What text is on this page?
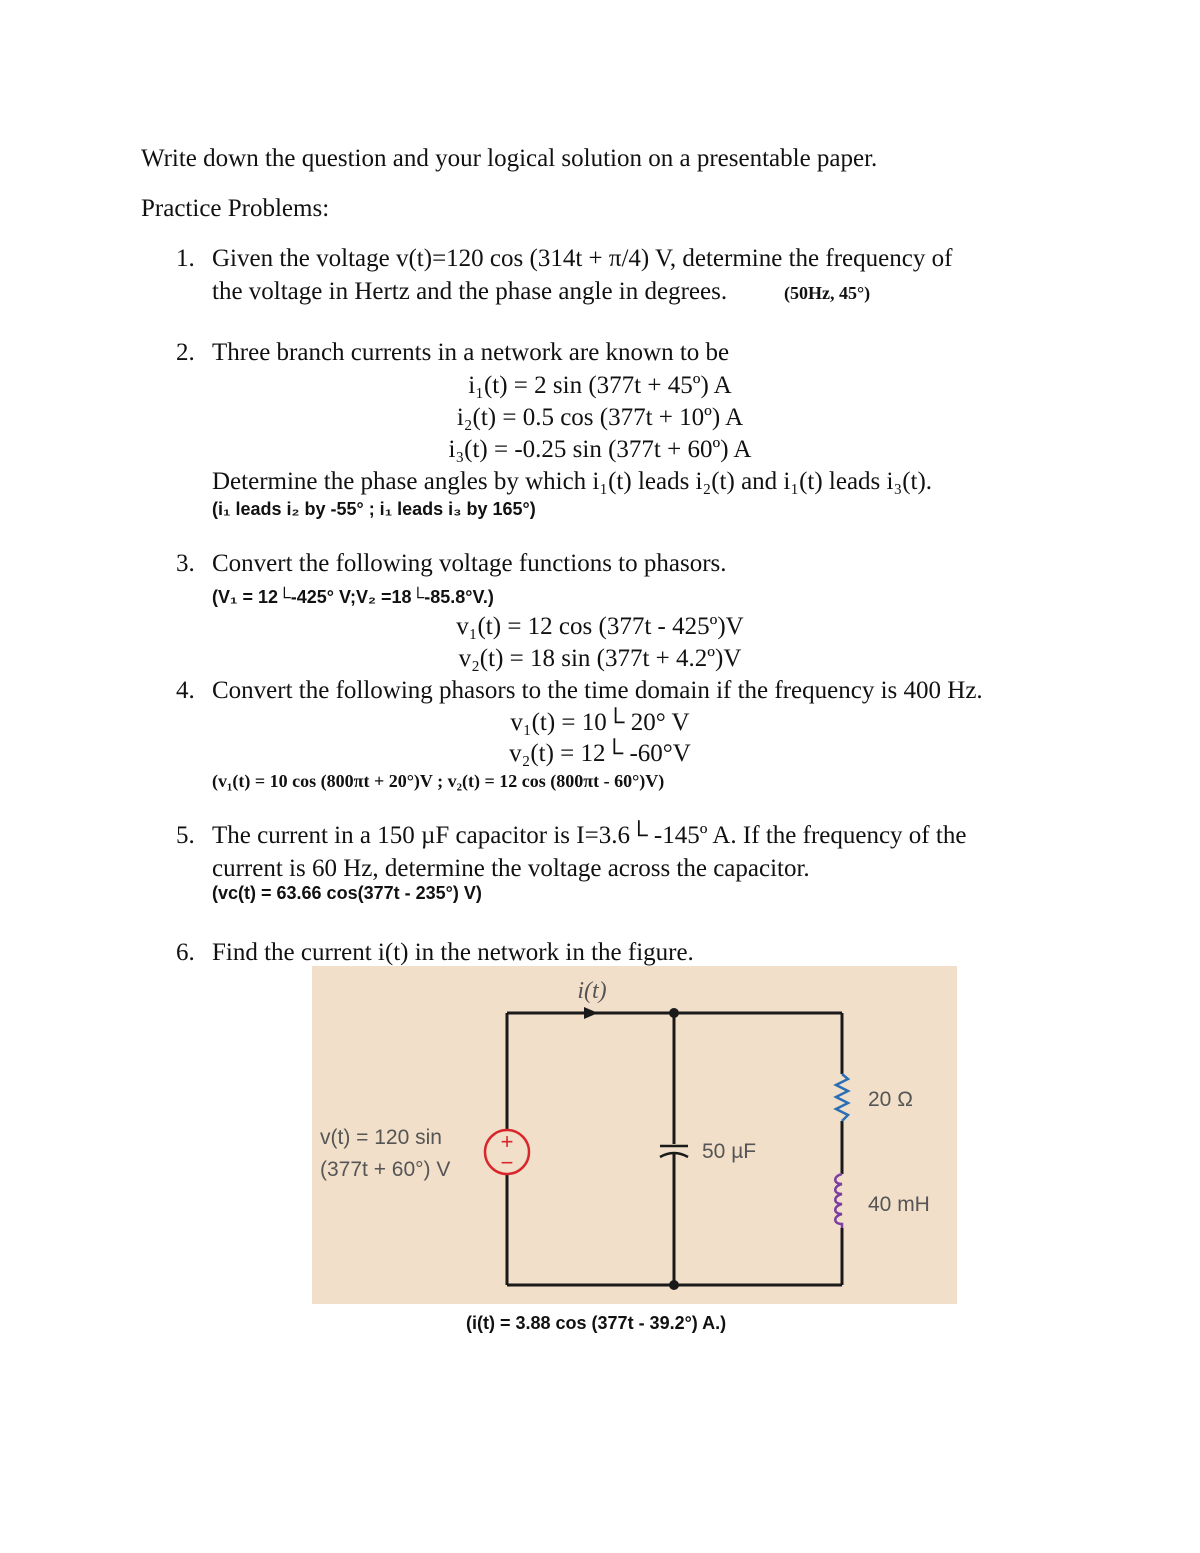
Write down the question and your logical solution on a presentable paper.
Practice Problems:
1. Given the voltage v(t)=120 cos (314t + π/4) V, determine the frequency of
the voltage in Hertz and the phase angle in degrees.	(50Hz, 45°)
2. Three branch currents in a network are known to be
i₁(t) = 2 sin (377t + 45º) A
i₂(t) = 0.5 cos (377t + 10º) A
i₃(t) = -0.25 sin (377t + 60º) A
Determine the phase angles by which i₁(t) leads i₂(t) and i₁(t) leads i₃(t).
(i₁ leads i₂ by -55° ; i₁ leads i₃ by 165°)
3. Convert the following voltage functions to phasors.
(V₁ = 12└-425° V;V₂ =18└-85.8°V.)
v₁(t) = 12 cos (377t - 425º)V
v₂(t) = 18 sin (377t + 4.2º)V
4. Convert the following phasors to the time domain if the frequency is 400 Hz.
v₁(t) = 10└ 20° V
v₂(t) = 12└ -60°V
(v₁(t) = 10 cos (800πt + 20°)V ; v₂(t) = 12 cos (800πt - 60°)V)
5. The current in a 150 µF capacitor is I=3.6└ -145º A. If the frequency of the
current is 60 Hz, determine the voltage across the capacitor.
(vc(t) = 63.66 cos(377t - 235°) V)
6. Find the current i(t) in the network in the figure.
+
−
i(t)
v(t) = 120 sin
(377t + 60°) V
50 µF
20 Ω
40 mH
(i(t) = 3.88 cos (377t - 39.2°) A.)
